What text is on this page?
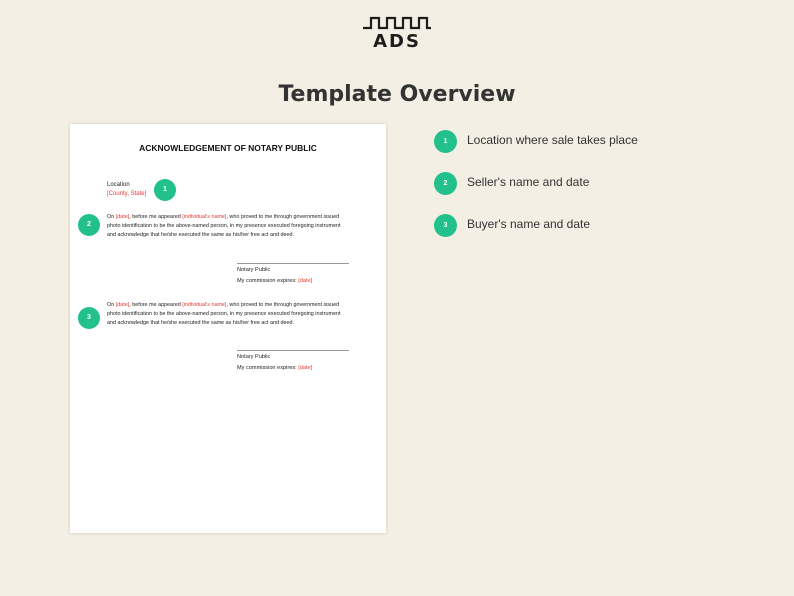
ADS
Template Overview
ACKNOWLEDGEMENT OF NOTARY PUBLIC
Location
[County, State]
On [date], before me appeared [individual's name], who proved to me through government issued photo identification to be the above-named person, in my presence executed foregoing instrument and acknowledge that he/she executed the same as his/her free act and deed.
Notary Public
My commission expires: [date]
On [date], before me appeared [individual's name], who proved to me through government issued photo identification to be the above-named person, in my presence executed foregoing instrument and acknowledge that he/she executed the same as his/her free act and deed.
Notary Public
My commission expires: [date]
1
2
3
1	Location where sale takes place
2	Seller's name and date
3	Buyer's name and date
